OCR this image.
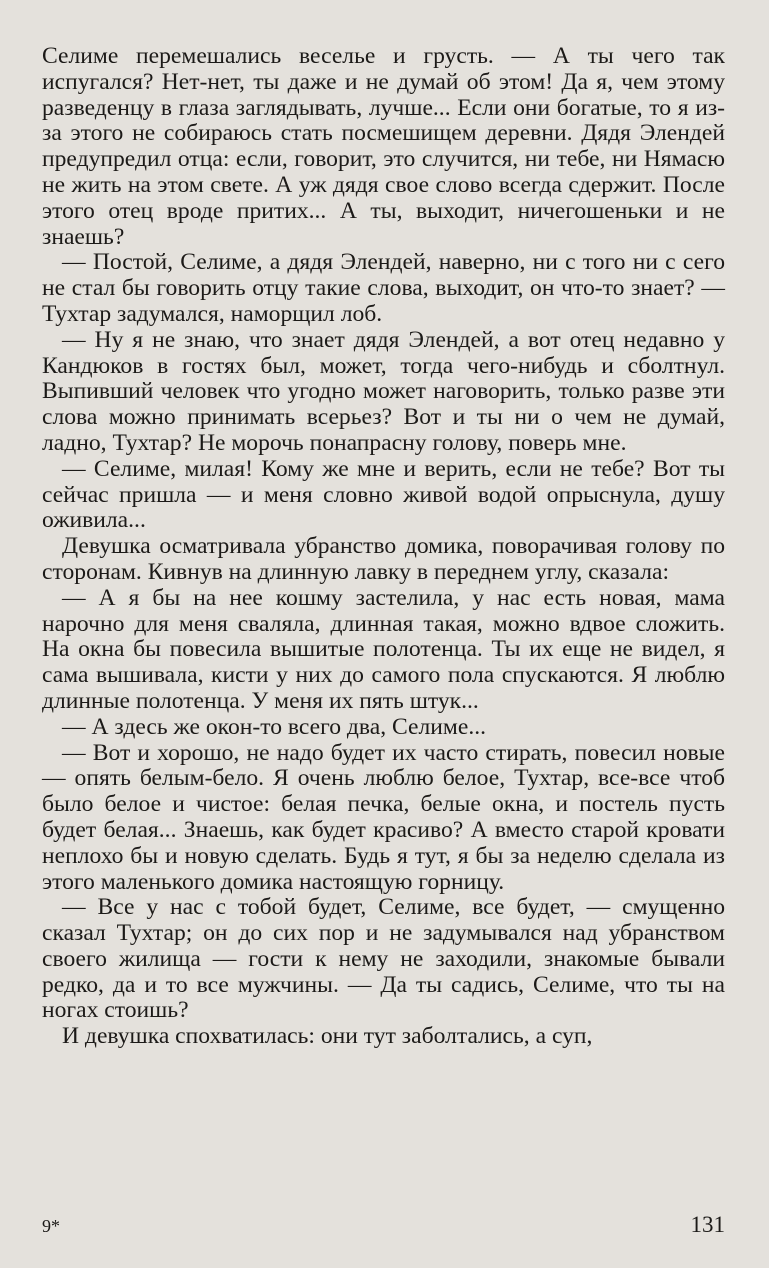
Селиме перемешались веселье и грусть. — А ты чего так испугался? Нет-нет, ты даже и не думай об этом! Да я, чем этому разведенцу в глаза заглядывать, лучше... Если они богатые, то я из-за этого не собираюсь стать посмешищем деревни. Дядя Элендей предупредил отца: если, говорит, это случится, ни тебе, ни Нямасю не жить на этом свете. А уж дядя свое слово всегда сдержит. После этого отец вроде притих... А ты, выходит, ничегошеньки и не знаешь?

— Постой, Селиме, а дядя Элендей, наверно, ни с того ни с сего не стал бы говорить отцу такие слова, выходит, он что-то знает? — Тухтар задумался, наморщил лоб.

— Ну я не знаю, что знает дядя Элендей, а вот отец недавно у Кандюков в гостях был, может, тогда чего-нибудь и сболтнул. Выпивший человек что угодно может наговорить, только разве эти слова можно принимать всерьез? Вот и ты ни о чем не думай, ладно, Тухтар? Не морочь понапрасну голову, поверь мне.

— Селиме, милая! Кому же мне и верить, если не тебе? Вот ты сейчас пришла — и меня словно живой водой опрыснула, душу оживила...

Девушка осматривала убранство домика, поворачивая голову по сторонам. Кивнув на длинную лавку в переднем углу, сказала:

— А я бы на нее кошму застелила, у нас есть новая, мама нарочно для меня сваляла, длинная такая, можно вдвое сложить. На окна бы повесила вышитые полотенца. Ты их еще не видел, я сама вышивала, кисти у них до самого пола спускаются. Я люблю длинные полотенца. У меня их пять штук...

— А здесь же окон-то всего два, Селиме...

— Вот и хорошо, не надо будет их часто стирать, повесил новые — опять белым-бело. Я очень люблю белое, Тухтар, все-все чтоб было белое и чистое: белая печка, белые окна, и постель пусть будет белая... Знаешь, как будет красиво? А вместо старой кровати неплохо бы и новую сделать. Будь я тут, я бы за неделю сделала из этого маленького домика настоящую горницу.

— Все у нас с тобой будет, Селиме, все будет, — смущенно сказал Тухтар; он до сих пор и не задумывался над убранством своего жилища — гости к нему не заходили, знакомые бывали редко, да и то все мужчины. — Да ты садись, Селиме, что ты на ногах стоишь?

И девушка спохватилась: они тут заболтались, а суп,

9*	131
